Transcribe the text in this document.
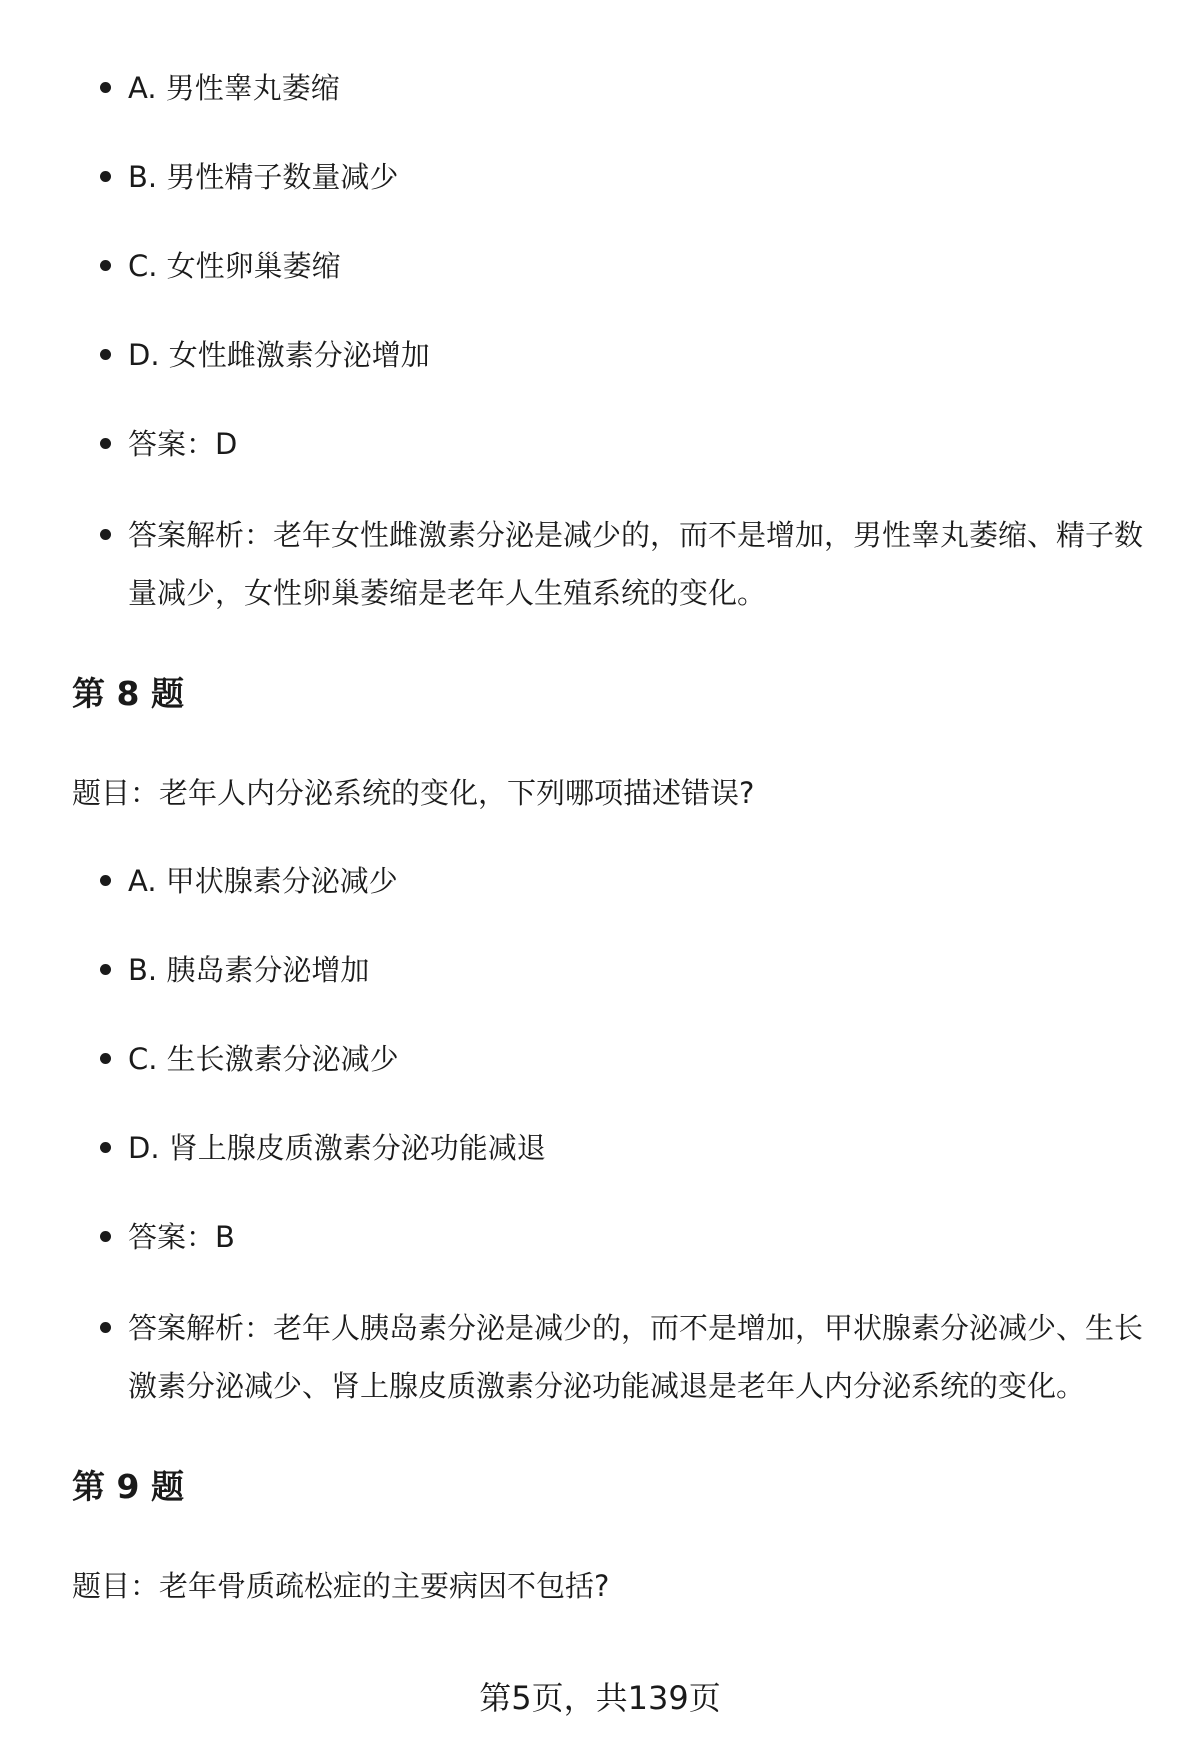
A. 男性睾丸萎缩
B. 男性精子数量减少
C. 女性卵巢萎缩
D. 女性雌激素分泌增加
答案：D
答案解析：老年女性雌激素分泌是减少的，而不是增加，男性睾丸萎缩、精子数量减少，女性卵巢萎缩是老年人生殖系统的变化。
第 8 题

题目：老年人内分泌系统的变化，下列哪项描述错误?

A. 甲状腺素分泌减少
B. 胰岛素分泌增加
C. 生长激素分泌减少
D. 肾上腺皮质激素分泌功能减退
答案：B
答案解析：老年人胰岛素分泌是减少的，而不是增加，甲状腺素分泌减少、生长激素分泌减少、肾上腺皮质激素分泌功能减退是老年人内分泌系统的变化。
第 9 题

题目：老年骨质疏松症的主要病因不包括?

第5页，共139页
